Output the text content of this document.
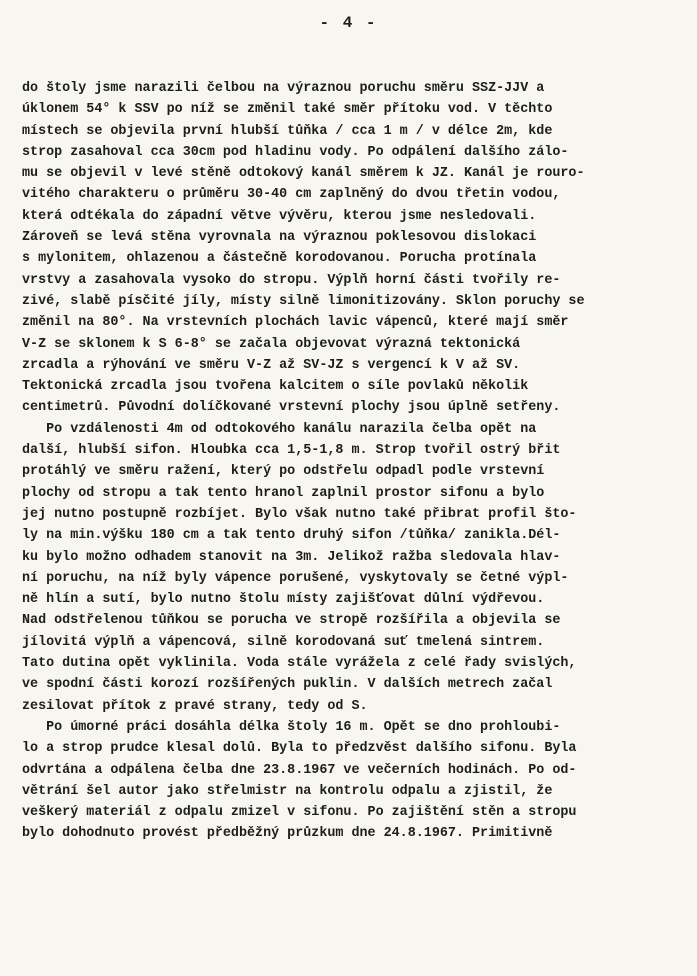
- 4 -
do štoly jsme narazili čelbou na výraznou poruchu směru SSZ-JJV a
úklonem 54° k SSV po níž se změnil také směr přítoku vod. V těchto
místech se objevila první hlubší tůňka / cca 1 m / v délce 2m, kde
strop zasahoval cca 30cm pod hladinu vody. Po odpálení dalšího zálo-
mu se objevil v levé stěně odtokový kanál směrem k JZ. Kanál je rouro-
vitého charakteru o průměru 30-40 cm zaplněný do dvou třetin vodou,
která odtékala do západní větve vývěru, kterou jsme nesledovali.
Zároveň se levá stěna vyrovnala na výraznou poklesovou dislokaci
s mylonitem, ohlazenou a částečně korodovanou. Porucha protínala
vrstvy a zasahovala vysoko do stropu. Výplň horní části tvořily re-
zivé, slabě písčité jíly, místy silně limonitizovány. Sklon poruchy se
změnil na 80°. Na vrstevních plochách lavic vápenců, které mají směr
V-Z se sklonem k S 6-8° se začala objevovat výrazná tektonická
zrcadla a rýhování ve směru V-Z až SV-JZ s vergencí k V až SV.
Tektonická zrcadla jsou tvořena kalcitem o síle povlaků několik
centimetrů. Původní dolíčkované vrstevní plochy jsou úplně setřeny.
Po vzdálenosti 4m od odtokového kanálu narazila čelba opět na
další, hlubší sifon. Hloubka cca 1,5-1,8 m. Strop tvořil ostrý břit
protáhlý ve směru ražení, který po odstřelu odpadl podle vrstevní
plochy od stropu a tak tento hranol zaplnil prostor sifonu a bylo
jej nutno postupně rozbíjet. Bylo však nutno také přibrat profil što-
ly na min.výšku 180 cm a tak tento druhý sifon /tůňka/ zanikla.Dél-
ku bylo možno odhadem stanovit na 3m. Jelikož ražba sledovala hlav-
ní poruchu, na níž byly vápence porušené, vyskytovaly se četné výpl-
ně hlín a sutí, bylo nutno štolu místy zajišťovat důlní výdřevou.
Nad odstřelenou tůňkou se porucha ve stropě rozšířila a objevila se
jílovitá výplň a vápencová, silně korodovaná suť tmelená sintrem.
Tato dutina opět vyklinila. Voda stále vyrážela z celé řady svislých,
ve spodní části korozí rozšířených puklin. V dalších metrech začal
zesilovat přítok z pravé strany, tedy od S.
Po úmorné práci dosáhla délka štoly 16 m. Opět se dno prohloubi-
lo a strop prudce klesal dolů. Byla to předzvěst dalšího sifonu. Byla
odvrtána a odpálena čelba dne 23.8.1967 ve večerních hodinách. Po od-
větrání šel autor jako střelmistr na kontrolu odpalu a zjistil, že
veškerý materiál z odpalu zmizel v sifonu. Po zajištění stěn a stropu
bylo dohodnuto provést předběžný průzkum dne 24.8.1967. Primitivně
